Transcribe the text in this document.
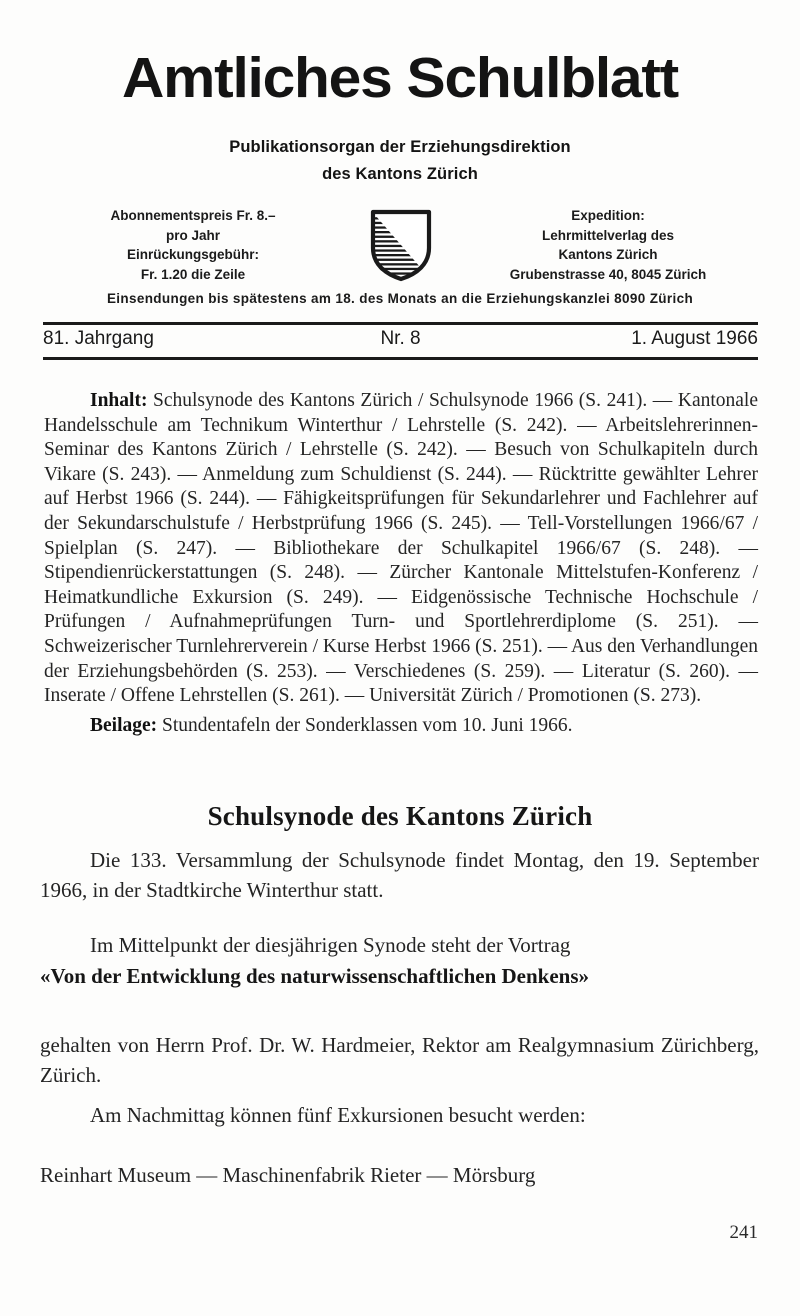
Amtliches Schulblatt
Publikationsorgan der Erziehungsdirektion
des Kantons Zürich
Abonnementspreis Fr. 8.–
pro Jahr
Einrückungsgebühr:
Fr. 1.20 die Zeile
Expedition:
Lehrmittelverlag des
Kantons Zürich
Grubenstrasse 40, 8045 Zürich
Einsendungen bis spätestens am 18. des Monats an die Erziehungskanzlei 8090 Zürich
81. Jahrgang	Nr. 8	1. August 1966

Inhalt: Schulsynode des Kantons Zürich / Schulsynode 1966 (S. 241). — Kantonale Handelsschule am Technikum Winterthur / Lehrstelle (S. 242). — Arbeitslehrerinnen-Seminar des Kantons Zürich / Lehrstelle (S. 242). — Besuch von Schulkapiteln durch Vikare (S. 243). — Anmeldung zum Schuldienst (S. 244). — Rücktritte gewählter Lehrer auf Herbst 1966 (S. 244). — Fähigkeitsprüfungen für Sekundarlehrer und Fachlehrer auf der Sekundarschulstufe / Herbstprüfung 1966 (S. 245). — Tell-Vorstellungen 1966/67 / Spielplan (S. 247). — Bibliothekare der Schulkapitel 1966/67 (S. 248). — Stipendienrückerstattungen (S. 248). — Zürcher Kantonale Mittelstufen-Konferenz / Heimatkundliche Exkursion (S. 249). — Eidgenössische Technische Hochschule / Prüfungen / Aufnahmeprüfungen Turn- und Sportlehrerdiplome (S. 251). — Schweizerischer Turnlehrerverein / Kurse Herbst 1966 (S. 251). — Aus den Verhandlungen der Erziehungsbehörden (S. 253). — Verschiedenes (S. 259). — Literatur (S. 260). — Inserate / Offene Lehrstellen (S. 261). — Universität Zürich / Promotionen (S. 273).

Beilage: Stundentafeln der Sonderklassen vom 10. Juni 1966.

Schulsynode des Kantons Zürich

Die 133. Versammlung der Schulsynode findet Montag, den 19. September 1966, in der Stadtkirche Winterthur statt.

Im Mittelpunkt der diesjährigen Synode steht der Vortrag

«Von der Entwicklung des naturwissenschaftlichen Denkens»

gehalten von Herrn Prof. Dr. W. Hardmeier, Rektor am Realgymnasium Zürichberg, Zürich.

Am Nachmittag können fünf Exkursionen besucht werden:

Reinhart Museum — Maschinenfabrik Rieter — Mörsburg

241
